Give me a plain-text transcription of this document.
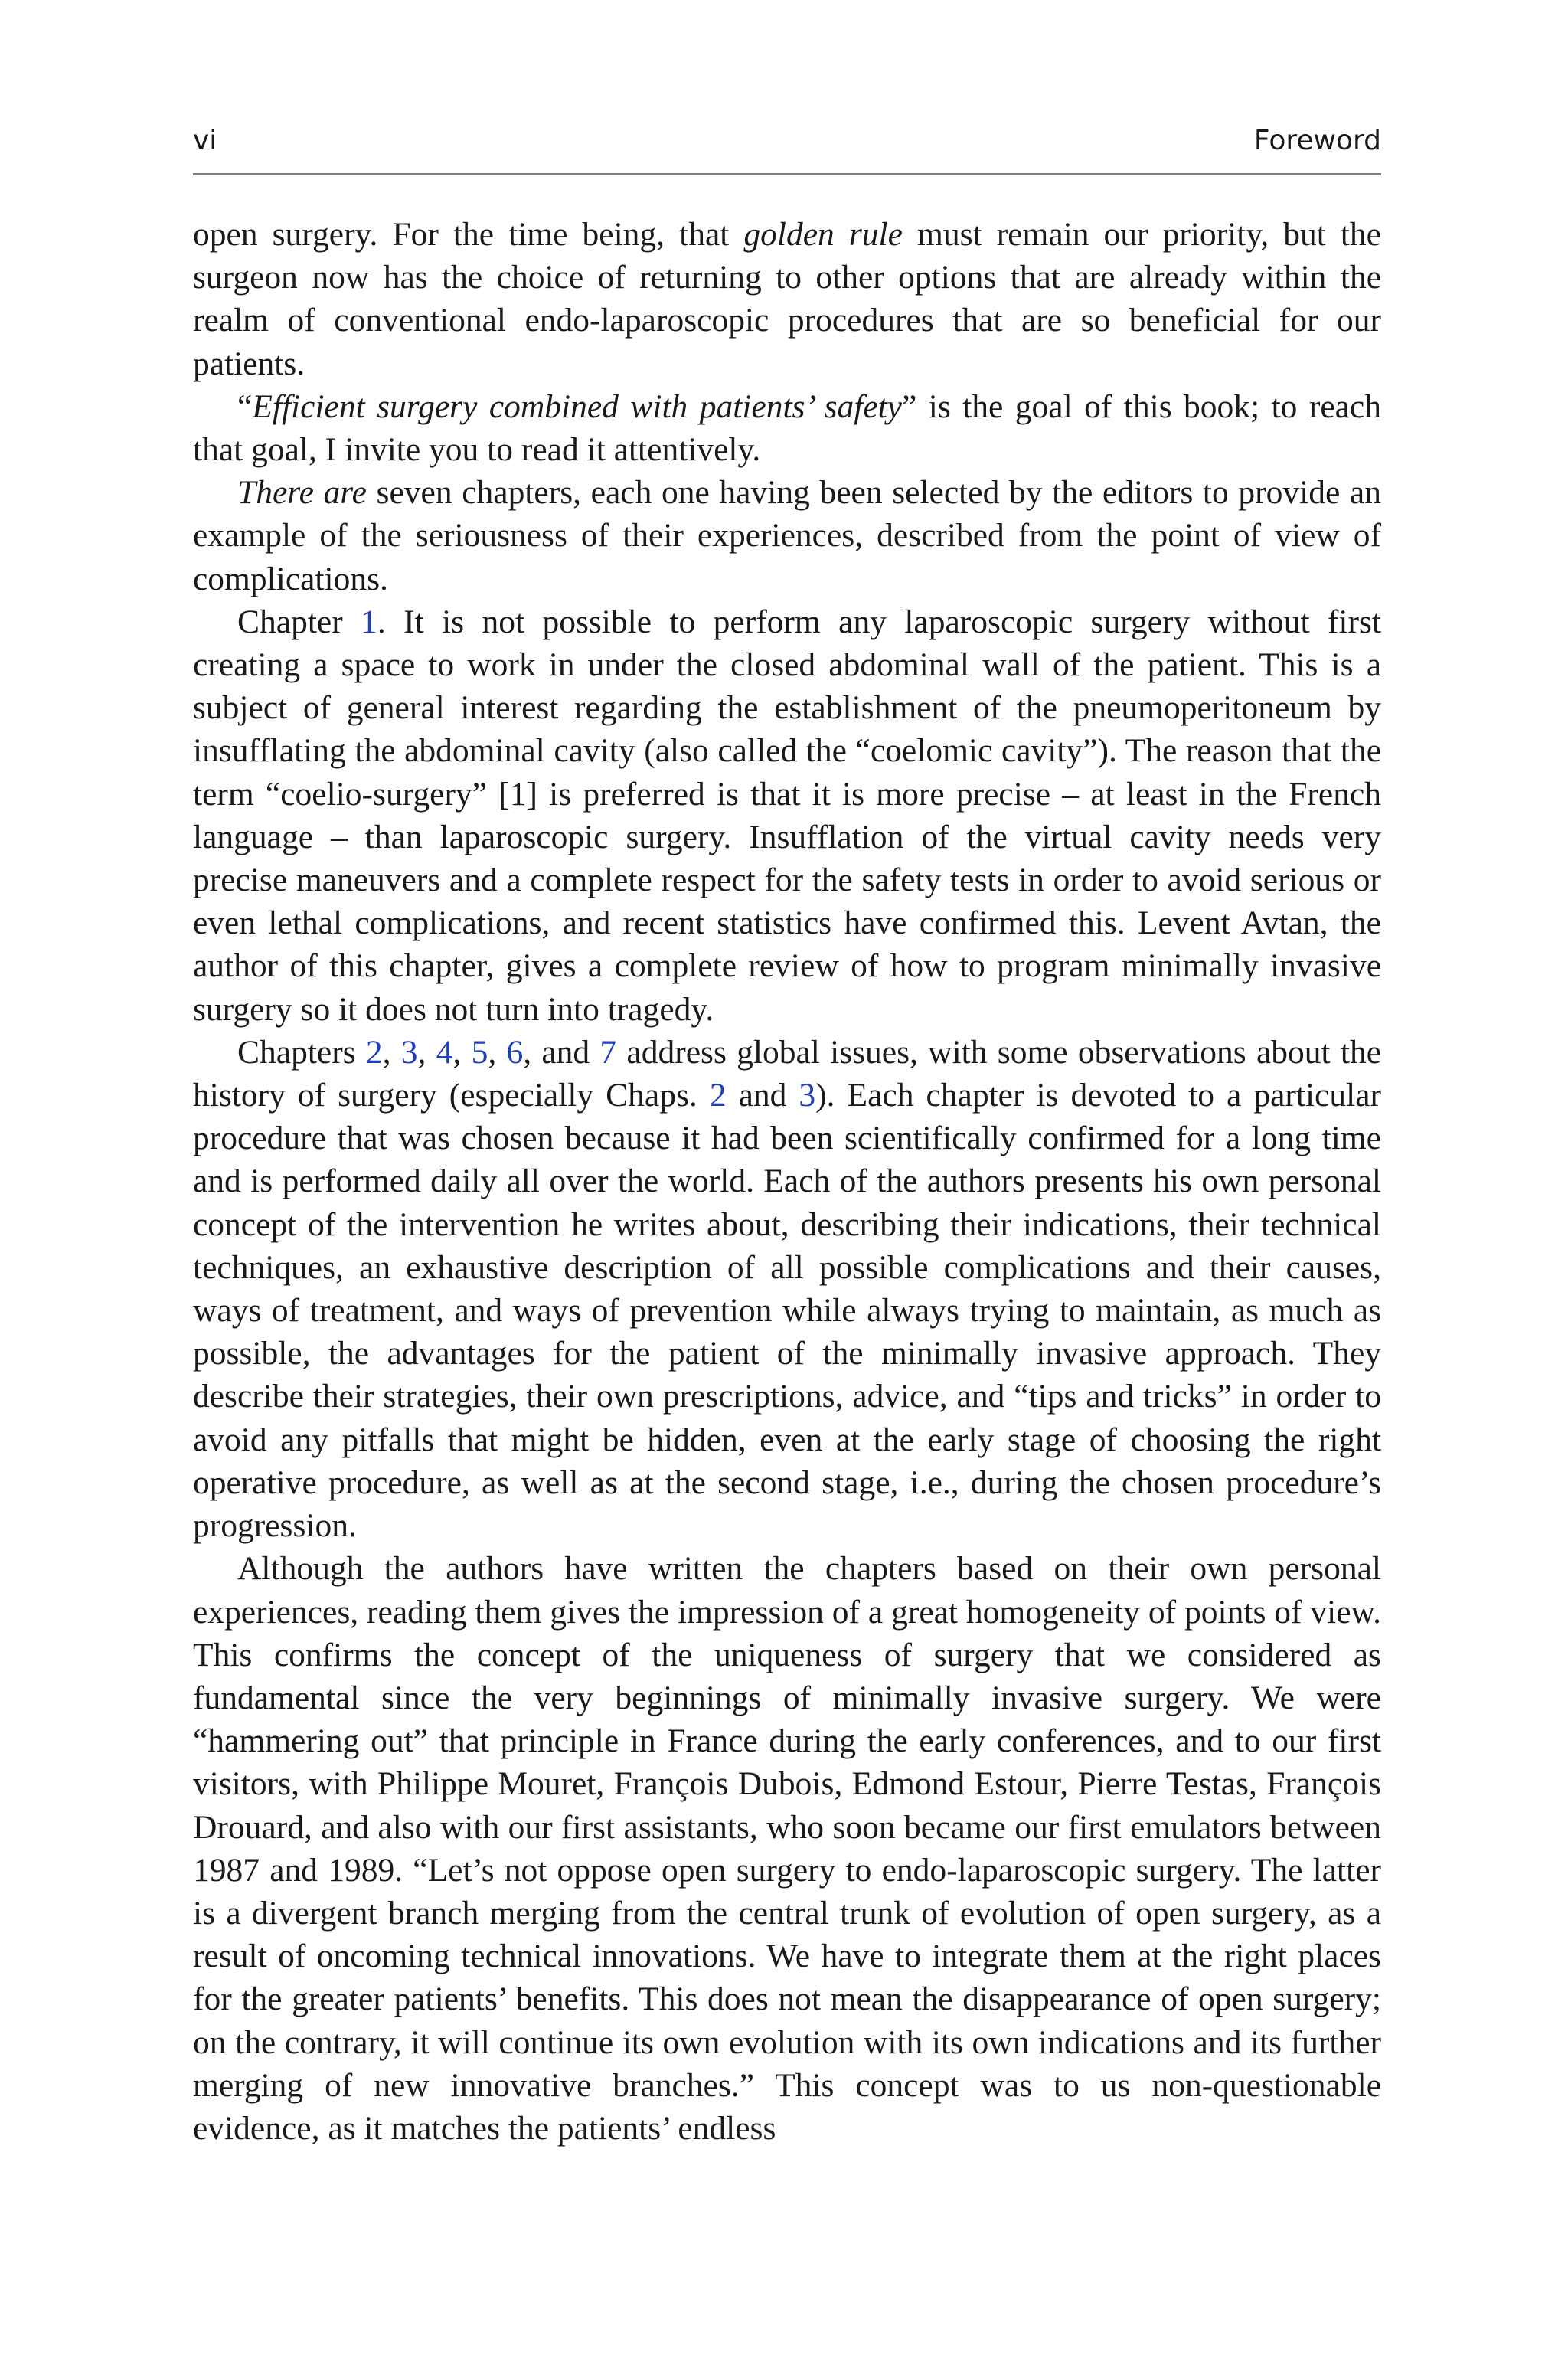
vi	Foreword

open surgery. For the time being, that golden rule must remain our priority, but the surgeon now has the choice of returning to other options that are already within the realm of conventional endo-laparoscopic procedures that are so beneficial for our patients.

“Efficient surgery combined with patients’ safety” is the goal of this book; to reach that goal, I invite you to read it attentively.

There are seven chapters, each one having been selected by the editors to provide an example of the seriousness of their experiences, described from the point of view of complications.

Chapter 1. It is not possible to perform any laparoscopic surgery without first creating a space to work in under the closed abdominal wall of the patient. This is a subject of general interest regarding the establishment of the pneumoperitoneum by insufflating the abdominal cavity (also called the “coelomic cavity”). The reason that the term “coelio-surgery” [1] is preferred is that it is more precise – at least in the French language – than laparoscopic surgery. Insufflation of the virtual cavity needs very precise maneuvers and a complete respect for the safety tests in order to avoid serious or even lethal complications, and recent statistics have confirmed this. Levent Avtan, the author of this chapter, gives a complete review of how to program minimally invasive surgery so it does not turn into tragedy.

Chapters 2, 3, 4, 5, 6, and 7 address global issues, with some observations about the history of surgery (especially Chaps. 2 and 3). Each chapter is devoted to a particular procedure that was chosen because it had been scientifically confirmed for a long time and is performed daily all over the world. Each of the authors presents his own personal concept of the intervention he writes about, describing their indications, their technical techniques, an exhaustive description of all possible complications and their causes, ways of treatment, and ways of prevention while always trying to maintain, as much as possible, the advantages for the patient of the minimally invasive approach. They describe their strategies, their own prescriptions, advice, and “tips and tricks” in order to avoid any pitfalls that might be hidden, even at the early stage of choosing the right operative procedure, as well as at the second stage, i.e., during the chosen procedure’s progression.

Although the authors have written the chapters based on their own personal experiences, reading them gives the impression of a great homogeneity of points of view. This confirms the concept of the uniqueness of surgery that we considered as fundamental since the very beginnings of minimally invasive surgery. We were “hammering out” that principle in France during the early conferences, and to our first visitors, with Philippe Mouret, François Dubois, Edmond Estour, Pierre Testas, François Drouard, and also with our first assistants, who soon became our first emulators between 1987 and 1989. “Let’s not oppose open surgery to endo-laparoscopic surgery. The latter is a divergent branch merging from the central trunk of evolution of open surgery, as a result of oncoming technical innovations. We have to integrate them at the right places for the greater patients’ benefits. This does not mean the disappearance of open surgery; on the contrary, it will continue its own evolution with its own indications and its further merging of new innovative branches.” This concept was to us non-questionable evidence, as it matches the patients’ endless
